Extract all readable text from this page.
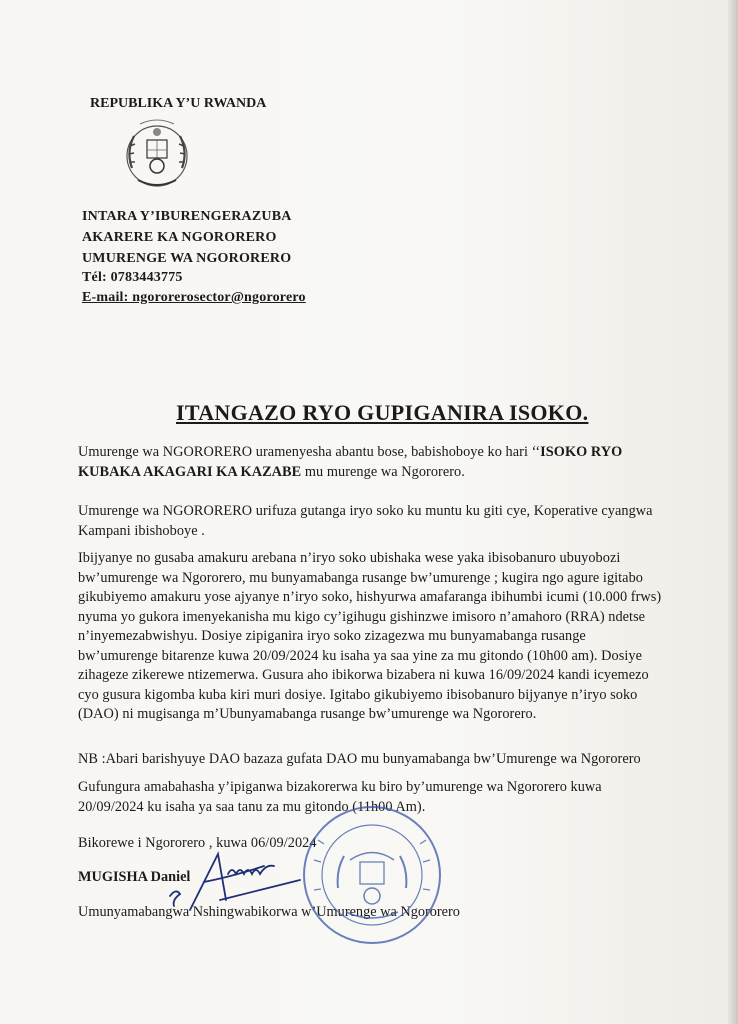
REPUBLIKA Y’U RWANDA
INTARA Y’IBURENGERAZUBA
AKARERE KA NGORORERO
UMURENGE WA NGORORERO
Tél: 0783443775
E-mail: ngororerosector@ngororero
ITANGAZO RYO GUPIGANIRA ISOKO.
Umurenge wa NGORORERO uramenyesha abantu bose, babishoboye ko hari ‘‘ISOKO RYO
KUBAKA AKAGARI KA KAZABE mu murenge wa Ngororero.
Umurenge wa NGORORERO urifuza gutanga iryo soko ku muntu ku giti cye, Koperative cyangwa
Kampani ibishoboye .
Ibijyanye no gusaba amakuru arebana n’iryo soko ubishaka wese yaka ibisobanuro ubuyobozi
bw’umurenge wa Ngororero, mu bunyamabanga rusange bw’umurenge ; kugira ngo agure igitabo
gikubiyemo amakuru yose ajyanye n’iryo soko, hishyurwa amafaranga ibihumbi icumi (10.000 frws)
nyuma yo gukora imenyekanisha mu kigo cy’igihugu gishinzwe imisoro n’amahoro (RRA) ndetse
n’inyemezabwishyu. Dosiye zipiganira iryo soko zizagezwa mu bunyamabanga rusange
bw’umurenge bitarenze kuwa 20/09/2024 ku isaha ya saa yine za mu gitondo (10h00 am). Dosiye
zihageze zikerewe ntizemerwa. Gusura aho ibikorwa bizabera ni kuwa 16/09/2024 kandi icyemezo
cyo gusura kigomba kuba kiri muri dosiye. Igitabo gikubiyemo ibisobanuro bijyanye n’iryo soko
(DAO) ni mugisanga m’Ubunyamabanga rusange bw’umurenge wa Ngororero.
NB :Abari barishyuye DAO bazaza gufata DAO mu bunyamabanga bw’Umurenge wa Ngororero
Gufungura amabahasha y’ipiganwa bizakorerwa ku biro by’umurenge wa Ngororero kuwa
20/09/2024 ku isaha ya saa tanu za mu gitondo (11h00 Am).
Bikorewe i Ngororero , kuwa 06/09/2024
MUGISHA Daniel
Umunyamabangwa Nshingwabikorwa w’Umurenge wa Ngororero
